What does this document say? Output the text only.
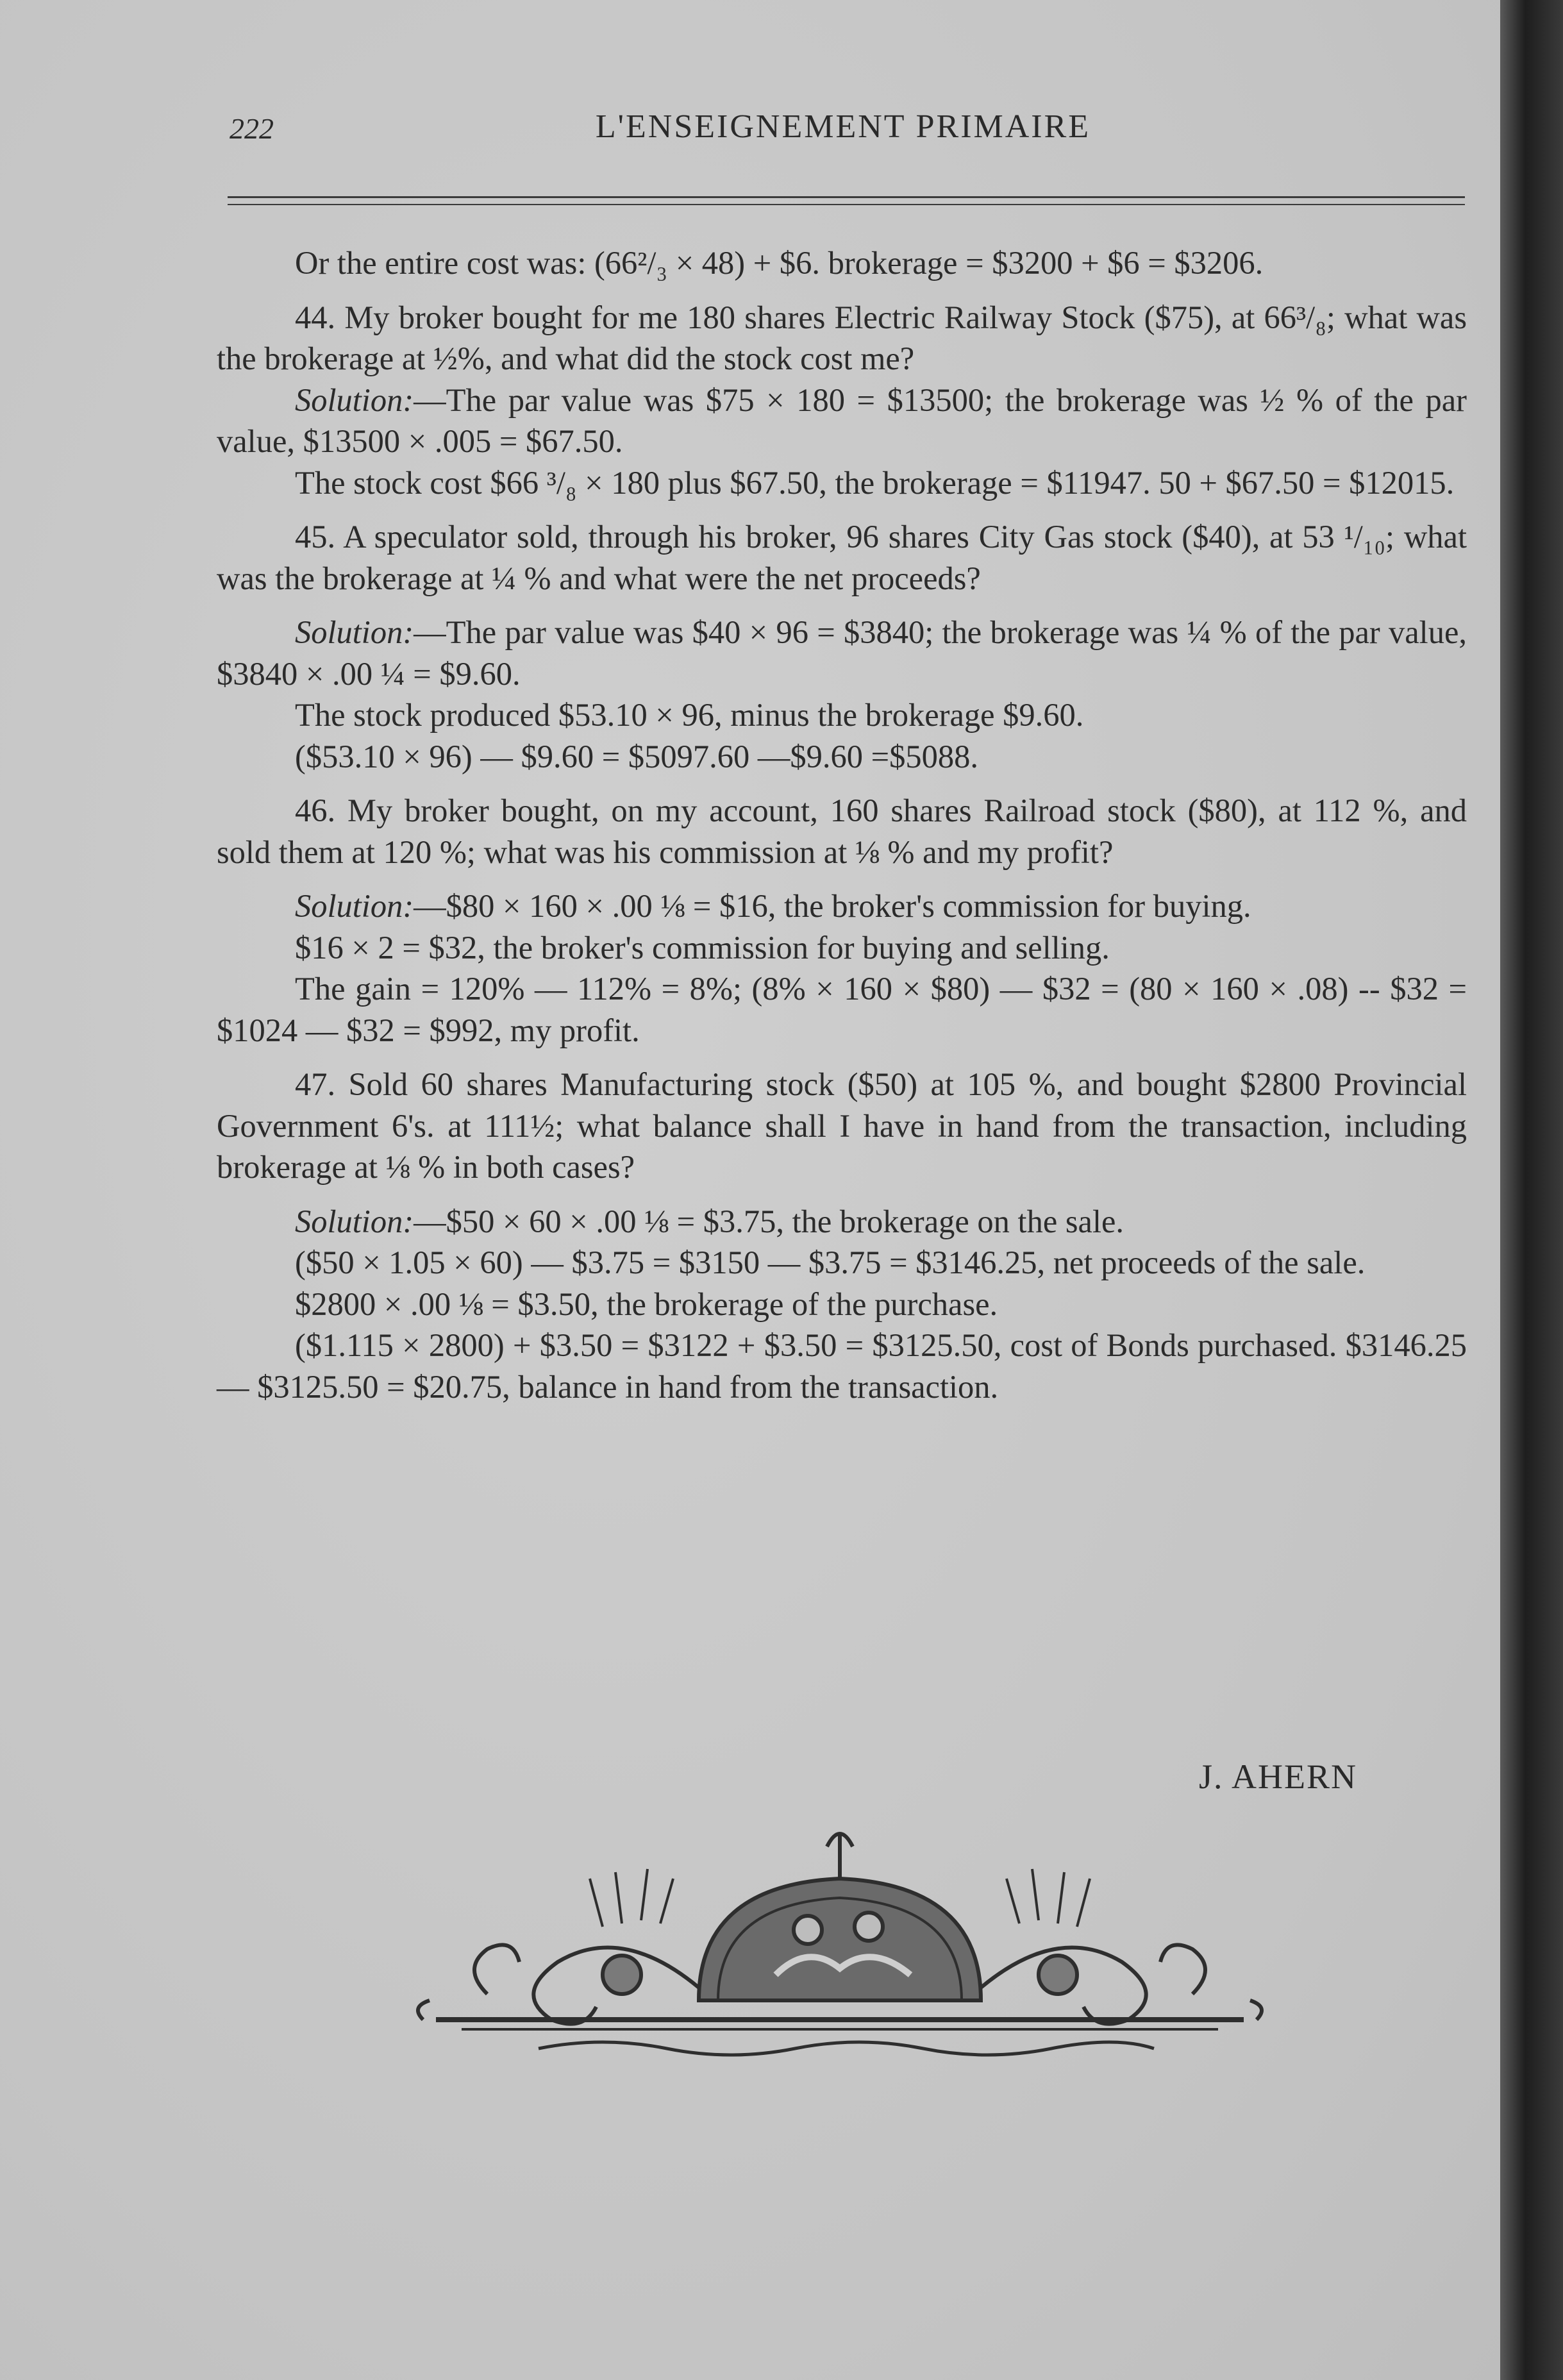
222	L'ENSEIGNEMENT PRIMAIRE

Or the entire cost was: (66²/₃ × 48) + $6. brokerage = $3200 + $6 = $3206.

44. My broker bought for me 180 shares Electric Railway Stock ($75), at 66³/₈; what was the brokerage at ½%, and what did the stock cost me?

Solution:—The par value was $75 × 180 = $13500; the brokerage was ½ % of the par value, $13500 × .005 = $67.50.

The stock cost $66 ³/₈ × 180 plus $67.50, the brokerage = $11947. 50 + $67.50 = $12015.

45. A speculator sold, through his broker, 96 shares City Gas stock ($40), at 53 ¹/₁₀; what was the brokerage at ¼ % and what were the net proceeds?

Solution:—The par value was $40 × 96 = $3840; the brokerage was ¼ % of the par value, $3840 × .00 ¼ = $9.60.

The stock produced $53.10 × 96, minus the brokerage $9.60.

($53.10 × 96) — $9.60 = $5097.60 —$9.60 =$5088.

46. My broker bought, on my account, 160 shares Railroad stock ($80), at 112 %, and sold them at 120 %; what was his commission at ⅛ % and my profit?

Solution:—$80 × 160 × .00 ⅛ = $16, the broker's commission for buying.

$16 × 2 = $32, the broker's commission for buying and selling.

The gain = 120% — 112% = 8%; (8% × 160 × $80) — $32 = (80 × 160 × .08) -- $32 = $1024 — $32 = $992, my profit.

47. Sold 60 shares Manufacturing stock ($50) at 105 %, and bought $2800 Provincial Government 6's. at 111½; what balance shall I have in hand from the transaction, including brokerage at ⅛ % in both cases?

Solution:—$50 × 60 × .00 ⅛ = $3.75, the brokerage on the sale.

($50 × 1.05 × 60) — $3.75 = $3150 — $3.75 = $3146.25, net proceeds of the sale.

$2800 × .00 ⅛ = $3.50, the brokerage of the purchase.

($1.115 × 2800) + $3.50 = $3122 + $3.50 = $3125.50, cost of Bonds purchased. $3146.25 — $3125.50 = $20.75, balance in hand from the transaction.

J. AHERN
